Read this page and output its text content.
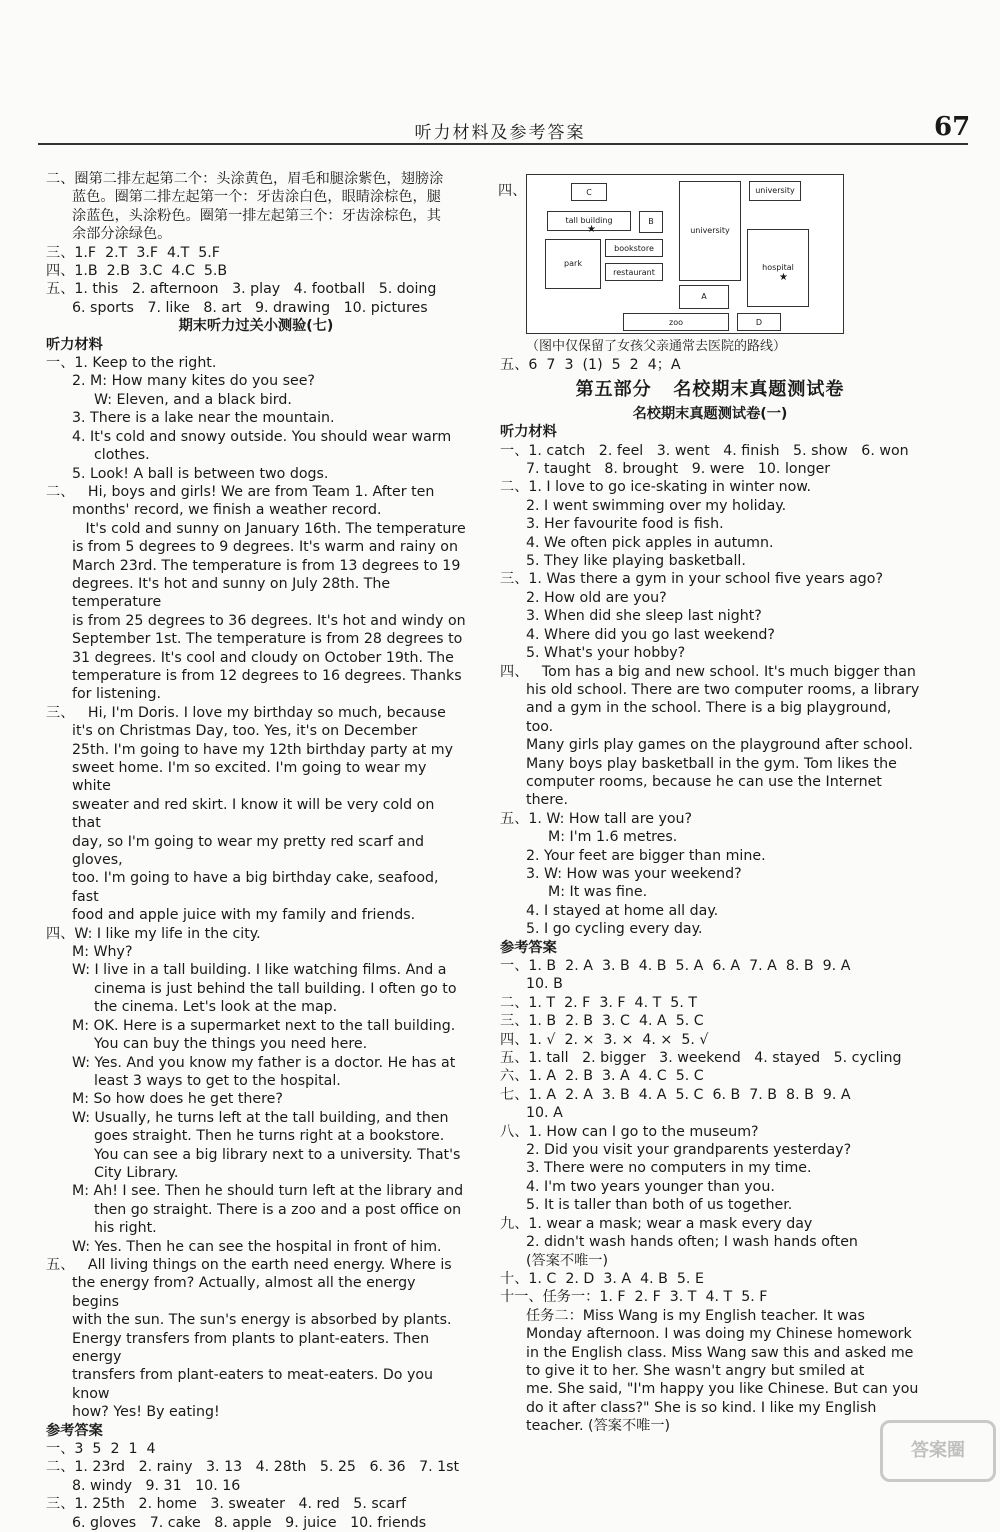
听力材料及参考答案	67
二、圈第二排左起第二个：头涂黄色，眉毛和腿涂紫色，翅膀涂
蓝色。圈第二排左起第一个：牙齿涂白色，眼睛涂棕色，腿
涂蓝色，头涂粉色。圈第一排左起第三个：牙齿涂棕色，其
余部分涂绿色。
三、1.F  2.T  3.F  4.T  5.F
四、1.B  2.B  3.C  4.C  5.B
五、1. this   2. afternoon   3. play   4. football   5. doing
6. sports   7. like   8. art   9. drawing   10. pictures
期末听力过关小测验(七)
听力材料
一、1. Keep to the right.
2. M: How many kites do you see?
W: Eleven, and a black bird.
3. There is a lake near the mountain.
4. It's cold and snowy outside. You should wear warm
clothes.
5. Look! A ball is between two dogs.
二、   Hi, boys and girls! We are from Team 1. After ten
months' record, we finish a weather record.
It's cold and sunny on January 16th. The temperature
is from 5 degrees to 9 degrees. It's warm and rainy on
March 23rd. The temperature is from 13 degrees to 19
degrees. It's hot and sunny on July 28th. The temperature
is from 25 degrees to 36 degrees. It's hot and windy on
September 1st. The temperature is from 28 degrees to
31 degrees. It's cool and cloudy on October 19th. The
temperature is from 12 degrees to 16 degrees. Thanks
for listening.
三、   Hi, I'm Doris. I love my birthday so much, because
it's on Christmas Day, too. Yes, it's on December
25th. I'm going to have my 12th birthday party at my
sweet home. I'm so excited. I'm going to wear my white
sweater and red skirt. I know it will be very cold on that
day, so I'm going to wear my pretty red scarf and gloves,
too. I'm going to have a big birthday cake, seafood, fast
food and apple juice with my family and friends.
四、W: I like my life in the city.
M: Why?
W: I live in a tall building. I like watching films. And a
cinema is just behind the tall building. I often go to
the cinema. Let's look at the map.
M: OK. Here is a supermarket next to the tall building.
You can buy the things you need here.
W: Yes. And you know my father is a doctor. He has at
least 3 ways to get to the hospital.
M: So how does he get there?
W: Usually, he turns left at the tall building, and then
goes straight. Then he turns right at a bookstore.
You can see a big library next to a university. That's
City Library.
M: Ah! I see. Then he should turn left at the library and
then go straight. There is a zoo and a post office on
his right.
W: Yes. Then he can see the hospital in front of him.
五、   All living things on the earth need energy. Where is
the energy from? Actually, almost all the energy begins
with the sun. The sun's energy is absorbed by plants.
Energy transfers from plants to plant-eaters. Then energy
transfers from plant-eaters to meat-eaters. Do you know
how? Yes! By eating!
参考答案
一、3  5  2  1  4
二、1. 23rd   2. rainy   3. 13   4. 28th   5. 25   6. 36   7. 1st
8. windy   9. 31   10. 16
三、1. 25th   2. home   3. sweater   4. red   5. scarf
6. gloves   7. cake   8. apple   9. juice   10. friends
四、	C
tall building	B
university
university
bookstore
park
restaurant
hospital
A
zoo	D
★
★
（图中仅保留了女孩父亲通常去医院的路线）
五、6  7  3  (1)  5  2  4；A
第五部分   名校期末真题测试卷
名校期末真题测试卷(一)
听力材料
一、1. catch   2. feel   3. went   4. finish   5. show   6. won
7. taught   8. brought   9. were   10. longer
二、1. I love to go ice-skating in winter now.
2. I went swimming over my holiday.
3. Her favourite food is fish.
4. We often pick apples in autumn.
5. They like playing basketball.
三、1. Was there a gym in your school five years ago?
2. How old are you?
3. When did she sleep last night?
4. Where did you go last weekend?
5. What's your hobby?
四、   Tom has a big and new school. It's much bigger than
his old school. There are two computer rooms, a library
and a gym in the school. There is a big playground, too.
Many girls play games on the playground after school.
Many boys play basketball in the gym. Tom likes the
computer rooms, because he can use the Internet there.
五、1. W: How tall are you?
M: I'm 1.6 metres.
2. Your feet are bigger than mine.
3. W: How was your weekend?
M: It was fine.
4. I stayed at home all day.
5. I go cycling every day.
参考答案
一、1. B  2. A  3. B  4. B  5. A  6. A  7. A  8. B  9. A
10. B
二、1. T  2. F  3. F  4. T  5. T
三、1. B  2. B  3. C  4. A  5. C
四、1. √  2. ×  3. ×  4. ×  5. √
五、1. tall   2. bigger   3. weekend   4. stayed   5. cycling
六、1. A  2. B  3. A  4. C  5. C
七、1. A  2. A  3. B  4. A  5. C  6. B  7. B  8. B  9. A
10. A
八、1. How can I go to the museum?
2. Did you visit your grandparents yesterday?
3. There were no computers in my time.
4. I'm two years younger than you.
5. It is taller than both of us together.
九、1. wear a mask; wear a mask every day
2. didn't wash hands often; I wash hands often
(答案不唯一)
十、1. C  2. D  3. A  4. B  5. E
十一、任务一：1. F  2. F  3. T  4. T  5. F
任务二：Miss Wang is my English teacher. It was
Monday afternoon. I was doing my Chinese homework
in the English class. Miss Wang saw this and asked me
to give it to her. She wasn't angry but smiled at
me. She said, "I'm happy you like Chinese. But can you
do it after class?" She is so kind. I like my English
teacher. (答案不唯一)
答案圈
